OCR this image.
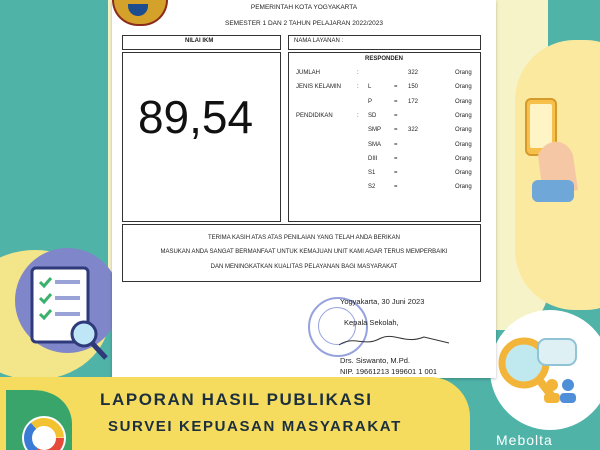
PEMERINTAH KOTA YOGYAKARTA
SEMESTER 1 DAN 2 TAHUN PELAJARAN 2022/2023
NILAI IKM	NAMA LAYANAN :
89,54
RESPONDEN
JUMLAH	:	322	Orang
JENIS KELAMIN	: L	= 150	Orang
P	= 172	Orang
PENDIDIKAN	: SD	=	Orang
SMP = 322	Orang
SMA =	Orang
DIII	=	Orang
S1	=	Orang
S2	=	Orang
TERIMA KASIH ATAS ATAS PENILAIAN YANG TELAH ANDA BERIKAN
MASUKAN ANDA SANGAT BERMANFAAT UNTUK KEMAJUAN UNIT KAMI AGAR TERUS MEMPERBAIKI
DAN MENINGKATKAN KUALITAS PELAYANAN BAGI MASYARAKAT
Yogyakarta, 30 Juni 2023
Kepala Sekolah,
Drs. Siswanto, M.Pd.
NIP. 19661213 199601 1 001
LAPORAN HASIL PUBLIKASI
SURVEI KEPUASAN MASYARAKAT
Mebolta
